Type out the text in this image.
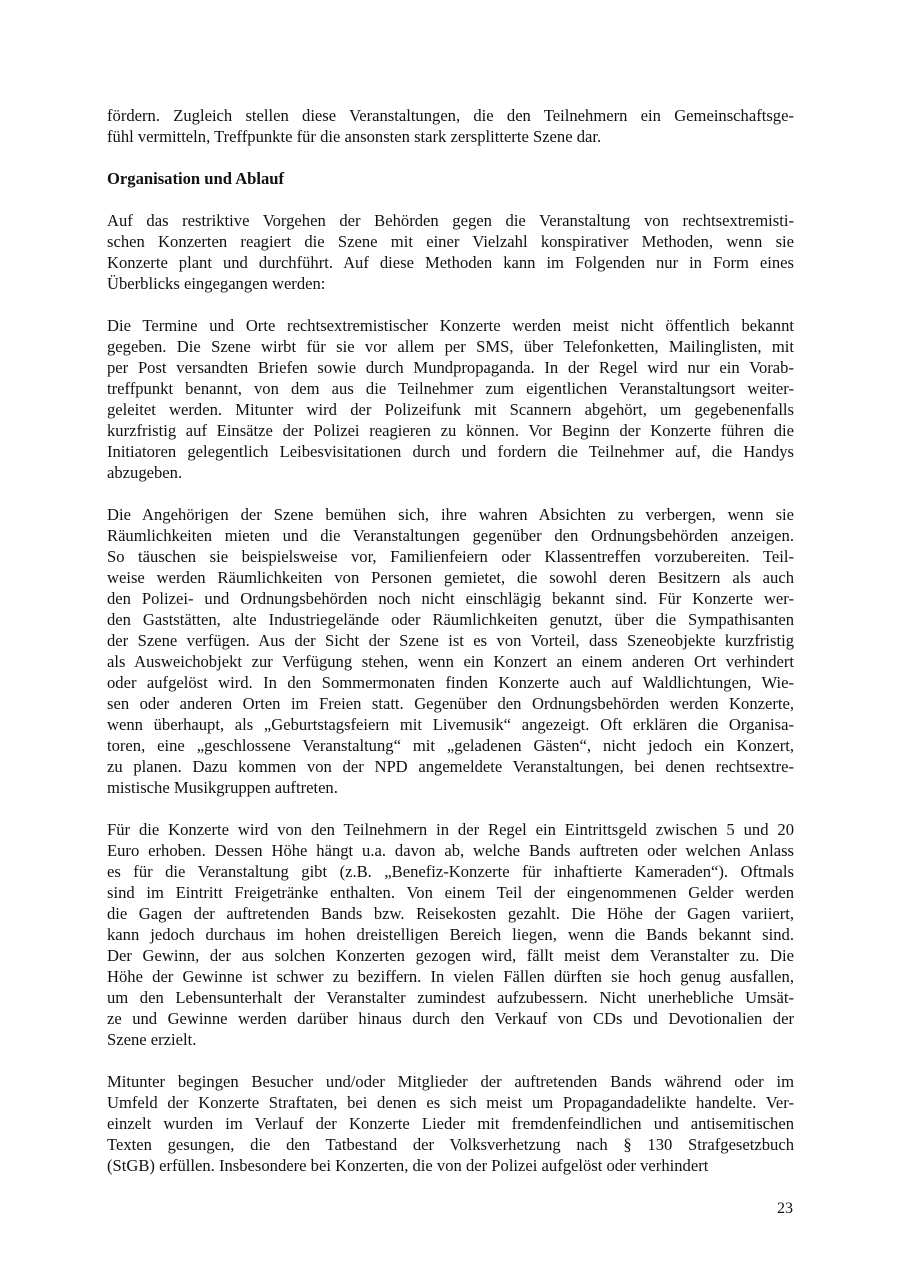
fördern. Zugleich stellen diese Veranstaltungen, die den Teilnehmern ein Gemeinschaftsge-
fühl vermitteln, Treffpunkte für die ansonsten stark zersplitterte Szene dar.

Organisation und Ablauf

Auf das restriktive Vorgehen der Behörden gegen die Veranstaltung von rechtsextremisti-
schen Konzerten reagiert die Szene mit einer Vielzahl konspirativer Methoden, wenn sie
Konzerte plant und durchführt. Auf diese Methoden kann im Folgenden nur in Form eines
Überblicks eingegangen werden:

Die Termine und Orte rechtsextremistischer Konzerte werden meist nicht öffentlich bekannt
gegeben. Die Szene wirbt für sie vor allem per SMS, über Telefonketten, Mailinglisten, mit
per Post versandten Briefen sowie durch Mundpropaganda. In der Regel wird nur ein Vorab-
treffpunkt benannt, von dem aus die Teilnehmer zum eigentlichen Veranstaltungsort weiter-
geleitet werden. Mitunter wird der Polizeifunk mit Scannern abgehört, um gegebenenfalls
kurzfristig auf Einsätze der Polizei reagieren zu können. Vor Beginn der Konzerte führen die
Initiatoren gelegentlich Leibesvisitationen durch und fordern die Teilnehmer auf, die Handys
abzugeben.

Die Angehörigen der Szene bemühen sich, ihre wahren Absichten zu verbergen, wenn sie
Räumlichkeiten mieten und die Veranstaltungen gegenüber den Ordnungsbehörden anzeigen.
So täuschen sie beispielsweise vor, Familienfeiern oder Klassentreffen vorzubereiten. Teil-
weise werden Räumlichkeiten von Personen gemietet, die sowohl deren Besitzern als auch
den Polizei- und Ordnungsbehörden noch nicht einschlägig bekannt sind. Für Konzerte wer-
den Gaststätten, alte Industriegelände oder Räumlichkeiten genutzt, über die Sympathisanten
der Szene verfügen. Aus der Sicht der Szene ist es von Vorteil, dass Szeneobjekte kurzfristig
als Ausweichobjekt zur Verfügung stehen, wenn ein Konzert an einem anderen Ort verhindert
oder aufgelöst wird. In den Sommermonaten finden Konzerte auch auf Waldlichtungen, Wie-
sen oder anderen Orten im Freien statt. Gegenüber den Ordnungsbehörden werden Konzerte,
wenn überhaupt, als „Geburtstagsfeiern mit Livemusik“ angezeigt. Oft erklären die Organisa-
toren, eine „geschlossene Veranstaltung“ mit „geladenen Gästen“, nicht jedoch ein Konzert,
zu planen. Dazu kommen von der NPD angemeldete Veranstaltungen, bei denen rechtsextre-
mistische Musikgruppen auftreten.

Für die Konzerte wird von den Teilnehmern in der Regel ein Eintrittsgeld zwischen 5 und 20
Euro erhoben. Dessen Höhe hängt u.a. davon ab, welche Bands auftreten oder welchen Anlass
es für die Veranstaltung gibt (z.B. „Benefiz-Konzerte für inhaftierte Kameraden“). Oftmals
sind im Eintritt Freigetränke enthalten. Von einem Teil der eingenommenen Gelder werden
die Gagen der auftretenden Bands bzw. Reisekosten gezahlt. Die Höhe der Gagen variiert,
kann jedoch durchaus im hohen dreistelligen Bereich liegen, wenn die Bands bekannt sind.
Der Gewinn, der aus solchen Konzerten gezogen wird, fällt meist dem Veranstalter zu. Die
Höhe der Gewinne ist schwer zu beziffern. In vielen Fällen dürften sie hoch genug ausfallen,
um den Lebensunterhalt der Veranstalter zumindest aufzubessern. Nicht unerhebliche Umsät-
ze und Gewinne werden darüber hinaus durch den Verkauf von CDs und Devotionalien der
Szene erzielt.

Mitunter begingen Besucher und/oder Mitglieder der auftretenden Bands während oder im
Umfeld der Konzerte Straftaten, bei denen es sich meist um Propagandadelikte handelte. Ver-
einzelt wurden im Verlauf der Konzerte Lieder mit fremdenfeindlichen und antisemitischen
Texten gesungen, die den Tatbestand der Volksverhetzung nach § 130 Strafgesetzbuch
(StGB) erfüllen. Insbesondere bei Konzerten, die von der Polizei aufgelöst oder verhindert

23
